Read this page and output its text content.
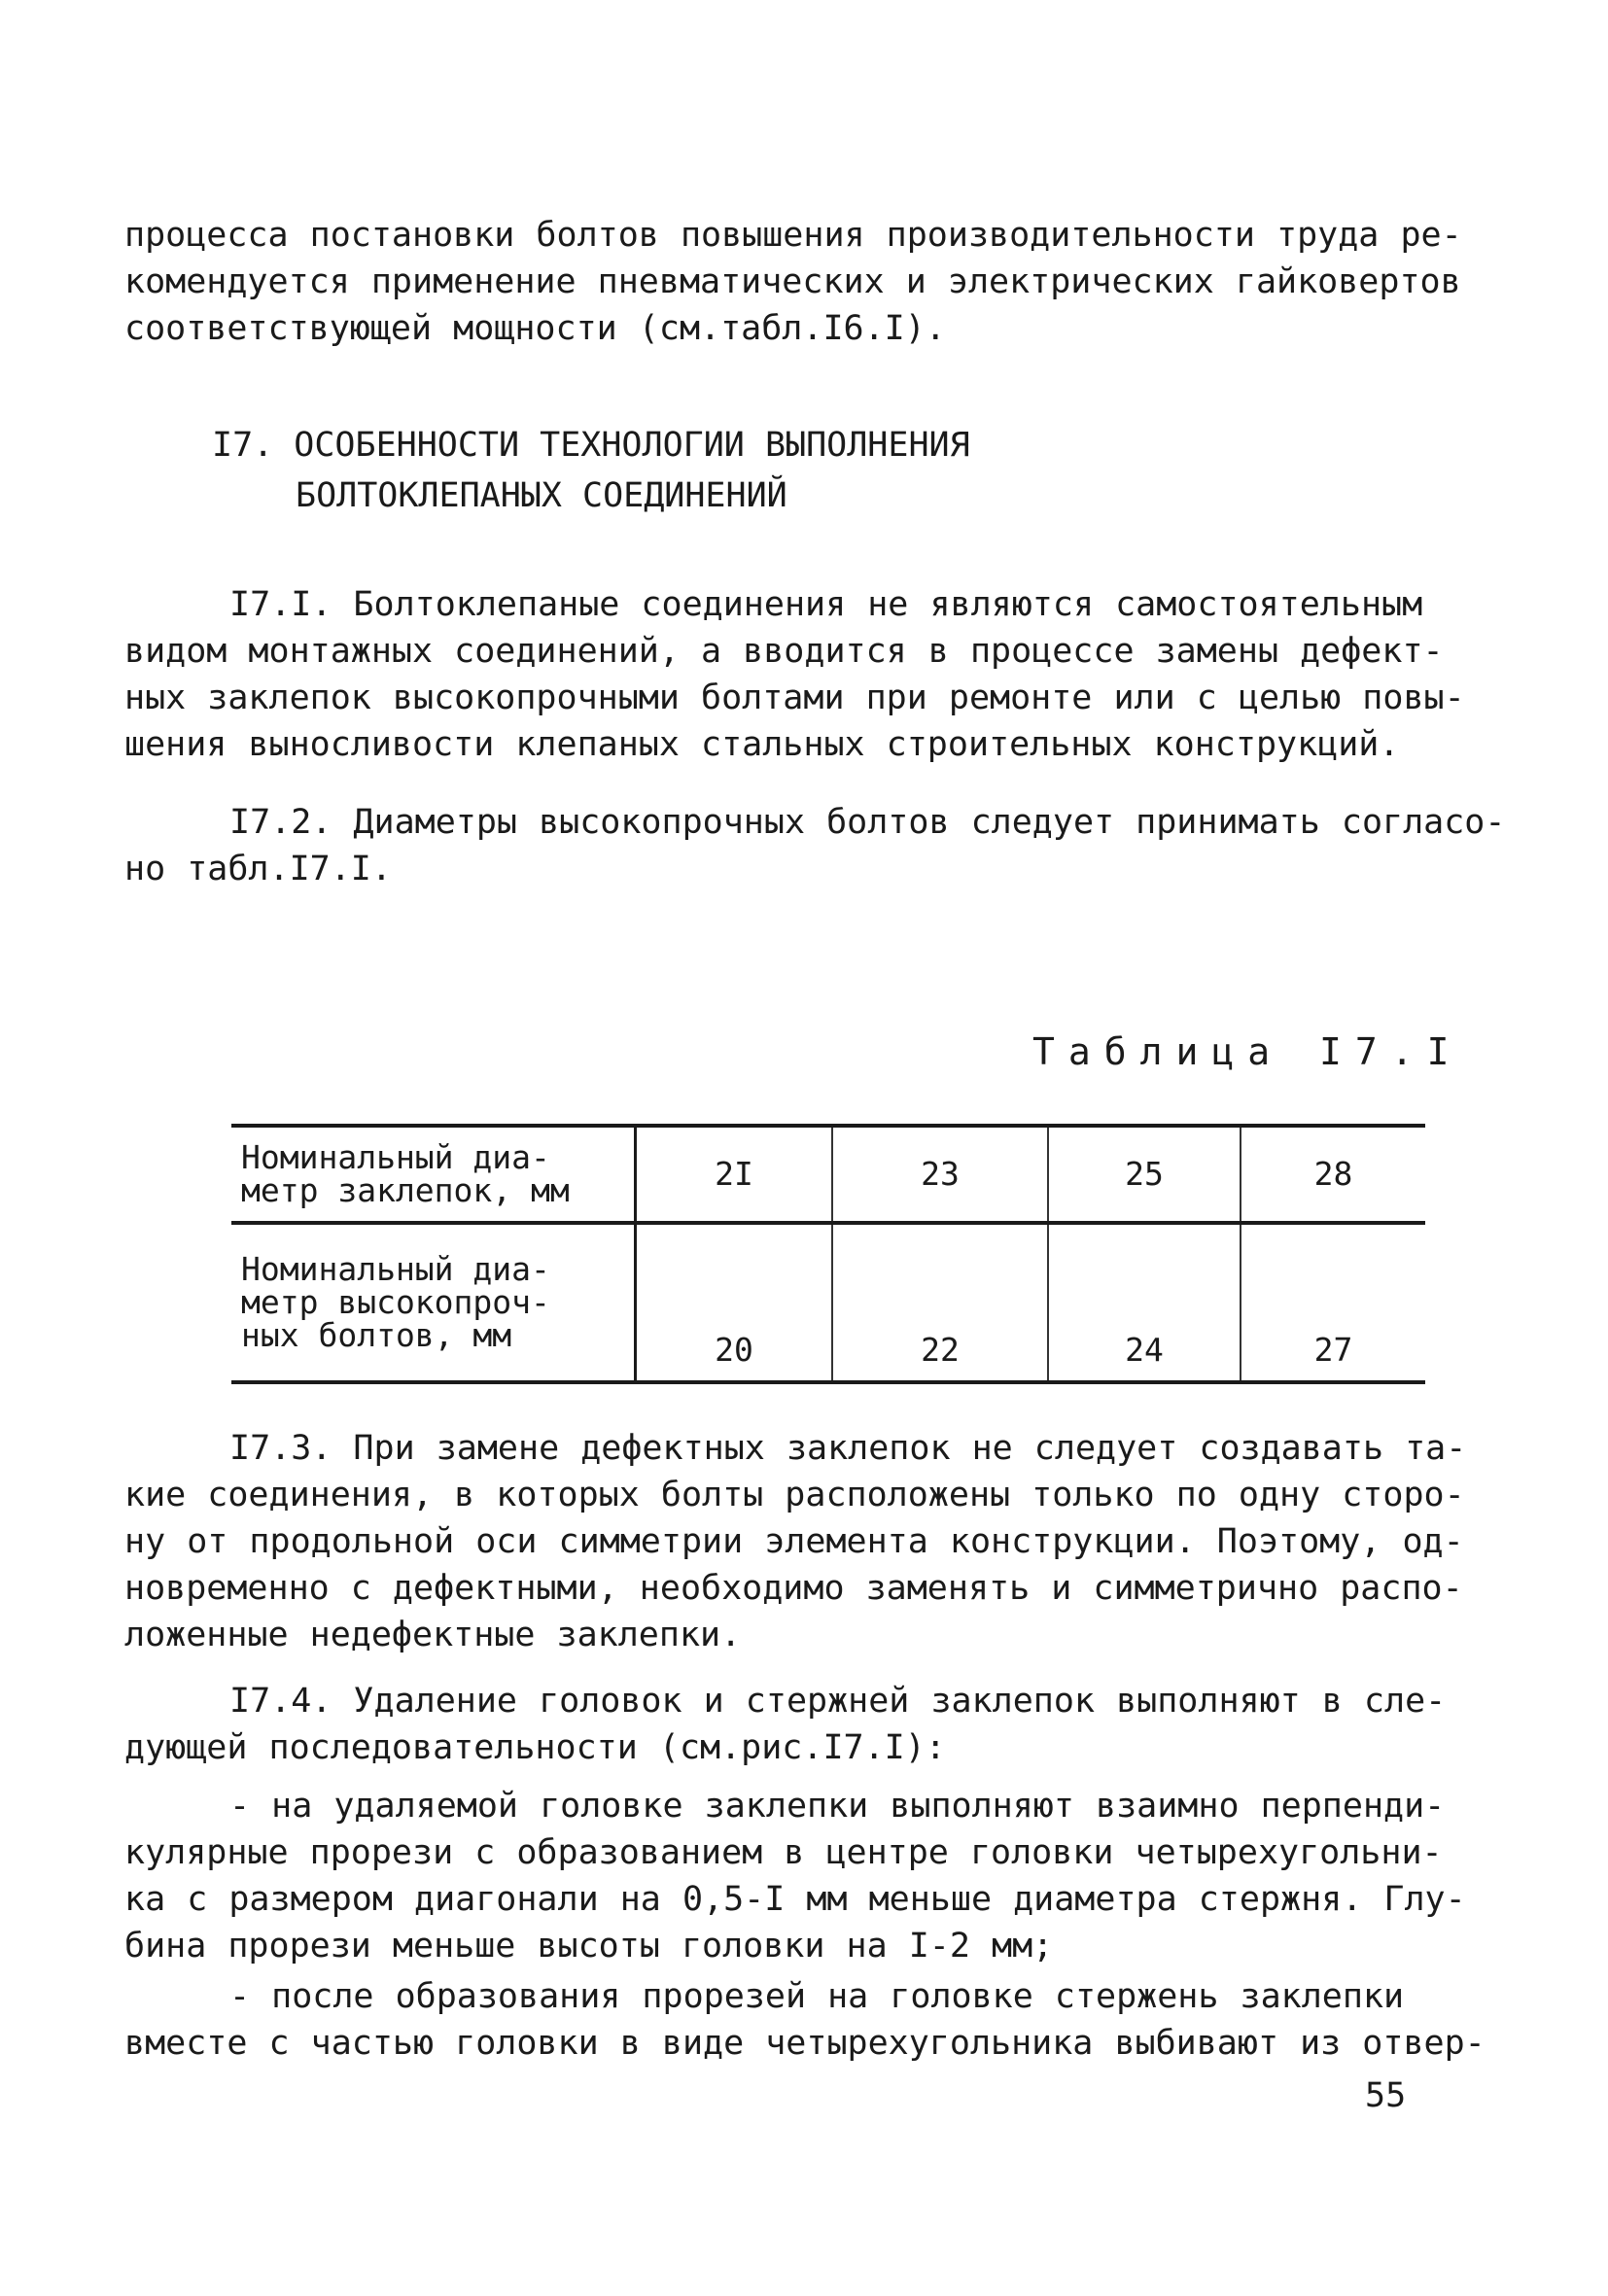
процесса постановки болтов повышения производительности труда ре-
комендуется применение пневматических и электрических гайковертов
соответствующей мощности (см.табл.I6.I).
I7. ОСОБЕННОСТИ ТЕХНОЛОГИИ ВЫПОЛНЕНИЯ
БОЛТОКЛЕПАНЫХ СОЕДИНЕНИЙ
I7.I. Болтоклепаные соединения не являются самостоятельным
видом монтажных соединений, а вводится в процессе замены дефект-
ных заклепок высокопрочными болтами при ремонте или с целью повы-
шения выносливости клепаных стальных строительных конструкций.
I7.2. Диаметры высокопрочных болтов следует принимать согласо-
но табл.I7.I.
Таблица I7.I
Номинальный диа-
метр заклепок, мм	2I	23	25	28

Номинальный диа-
метр высокопроч-
ных болтов, мм	20	22	24	27
I7.3. При замене дефектных заклепок не следует создавать та-
кие соединения, в которых болты расположены только по одну сторо-
ну от продольной оси симметрии элемента конструкции. Поэтому, од-
новременно с дефектными, необходимо заменять и симметрично распо-
ложенные недефектные заклепки.
I7.4. Удаление головок и стержней заклепок выполняют в сле-
дующей последовательности (см.рис.I7.I):
- на удаляемой головке заклепки выполняют взаимно перпенди-
кулярные прорези с образованием в центре головки четырехугольни-
ка с размером диагонали на 0,5-I мм меньше диаметра стержня. Глу-
бина прорези меньше высоты головки на I-2 мм;
- после образования прорезей на головке стержень заклепки
вместе с частью головки в виде четырехугольника выбивают из отвер-
55
